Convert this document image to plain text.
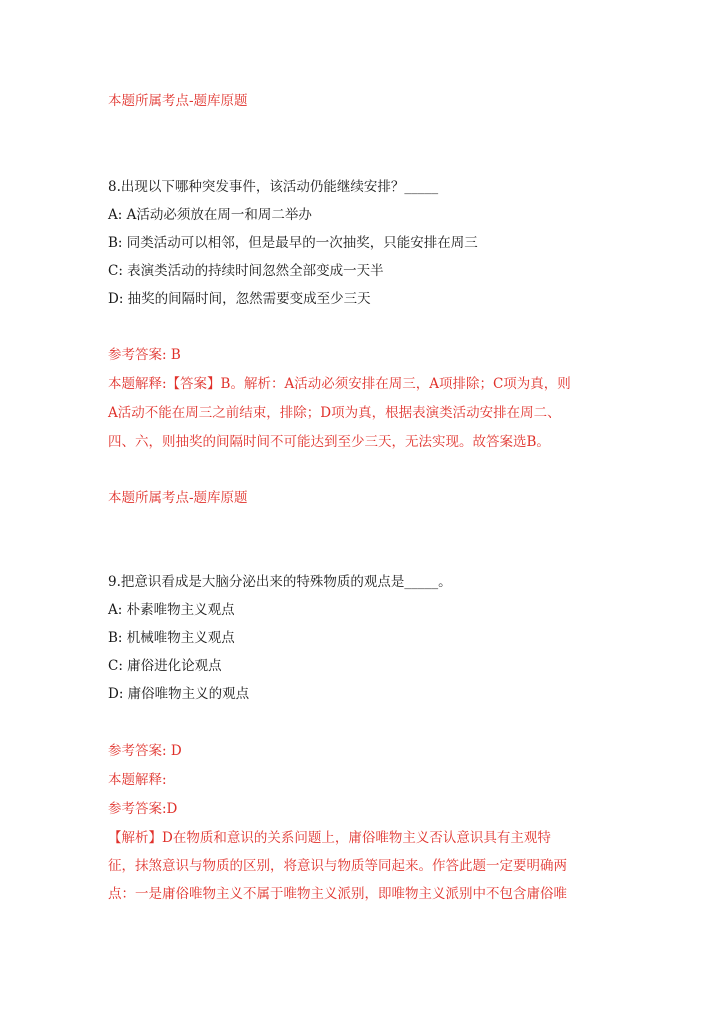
本题所属考点-题库原题
8.出现以下哪种突发事件，该活动仍能继续安排？_____
A: A活动必须放在周一和周二举办
B: 同类活动可以相邻，但是最早的一次抽奖，只能安排在周三
C: 表演类活动的持续时间忽然全部变成一天半
D: 抽奖的间隔时间，忽然需要变成至少三天
参考答案: B
本题解释:【答案】B。解析：A活动必须安排在周三，A项排除；C项为真，则
A活动不能在周三之前结束，排除；D项为真，根据表演类活动安排在周二、
四、六，则抽奖的间隔时间不可能达到至少三天，无法实现。故答案选B。
本题所属考点-题库原题
9.把意识看成是大脑分泌出来的特殊物质的观点是_____。
A: 朴素唯物主义观点
B: 机械唯物主义观点
C: 庸俗进化论观点
D: 庸俗唯物主义的观点
参考答案: D
本题解释:
参考答案:D
【解析】D在物质和意识的关系问题上，庸俗唯物主义否认意识具有主观特
征，抹煞意识与物质的区别，将意识与物质等同起来。作答此题一定要明确两
点：一是庸俗唯物主义不属于唯物主义派别，即唯物主义派别中不包含庸俗唯
